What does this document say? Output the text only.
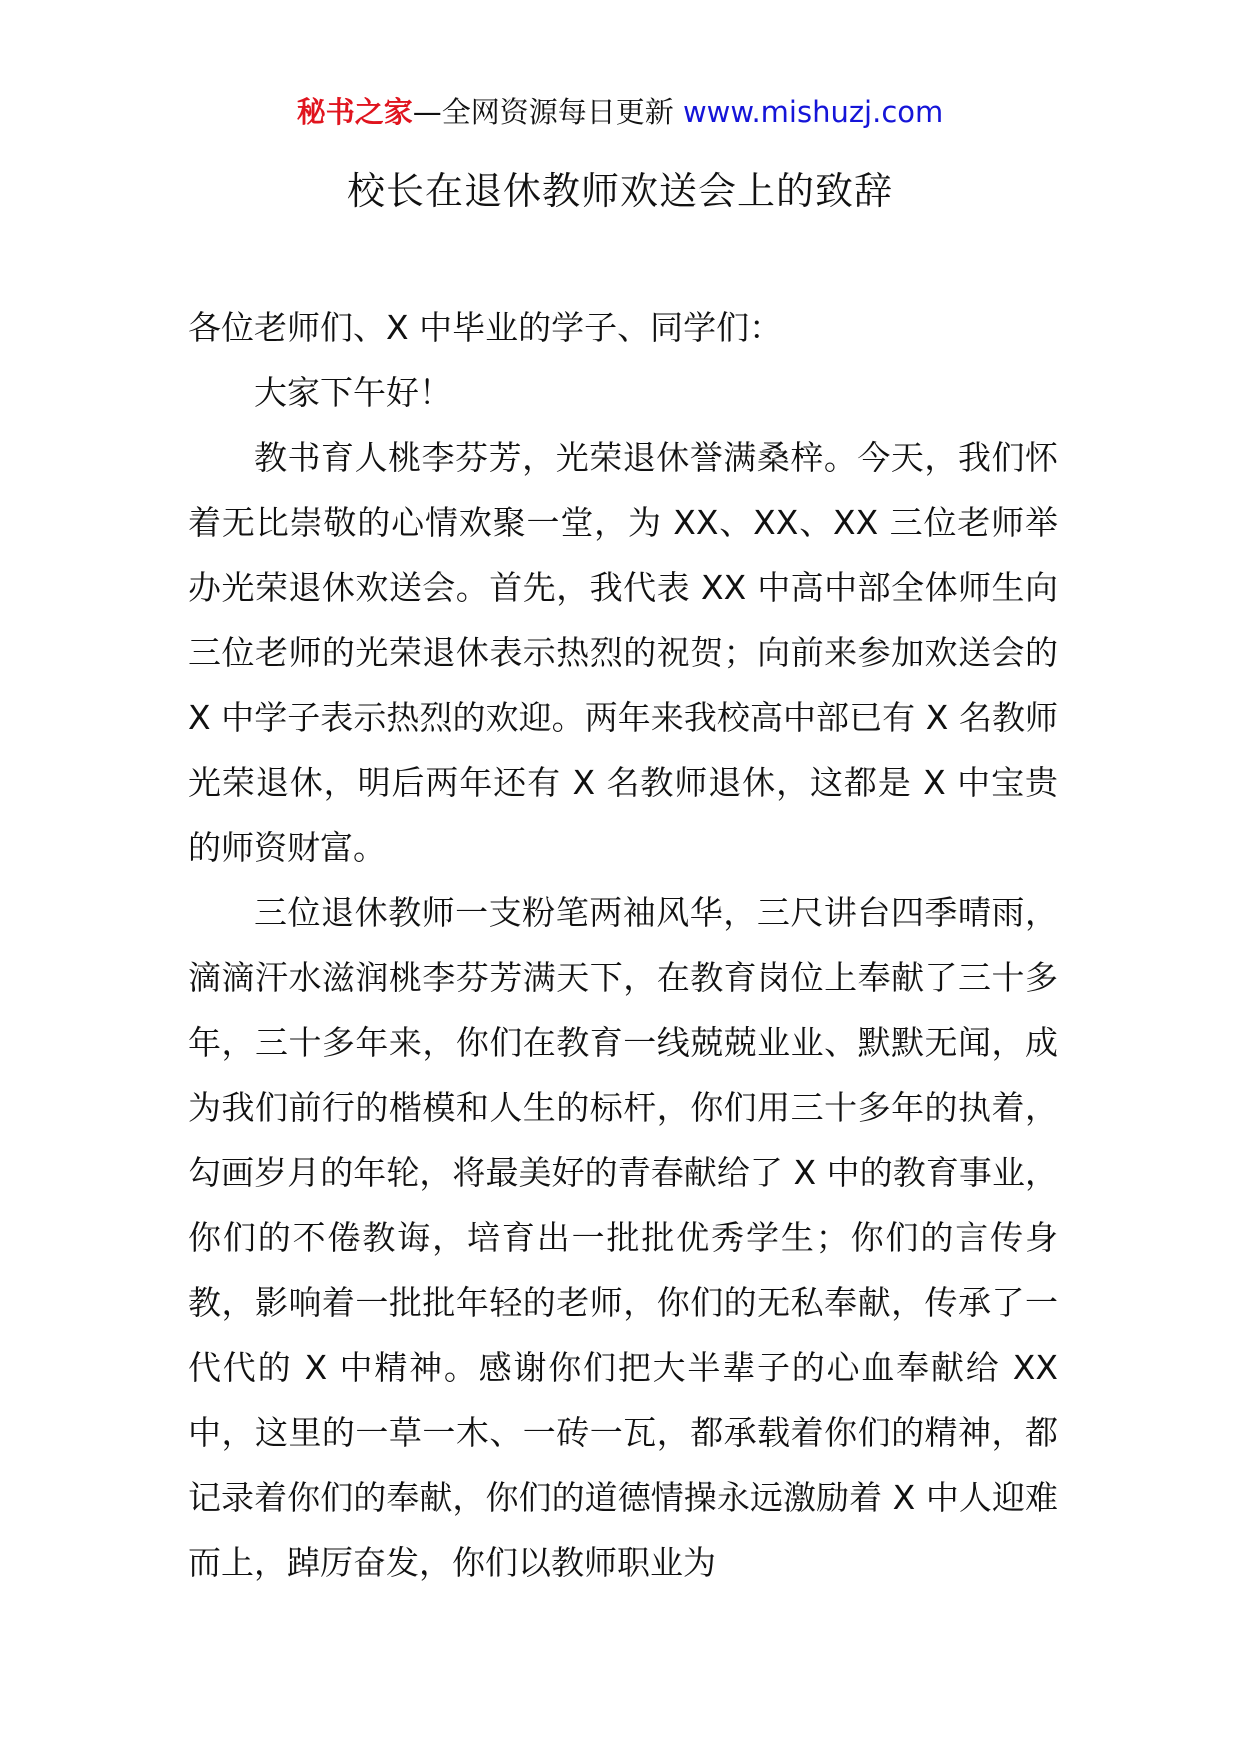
秘书之家—全网资源每日更新 www.mishuzj.com
校长在退休教师欢送会上的致辞

各位老师们、X 中毕业的学子、同学们：

大家下午好！

教书育人桃李芬芳，光荣退休誉满桑梓。今天，我们怀着无比崇敬的心情欢聚一堂，为 XX、XX、XX 三位老师举办光荣退休欢送会。首先，我代表 XX 中高中部全体师生向三位老师的光荣退休表示热烈的祝贺；向前来参加欢送会的 X 中学子表示热烈的欢迎。两年来我校高中部已有 X 名教师光荣退休，明后两年还有 X 名教师退休，这都是 X 中宝贵的师资财富。

三位退休教师一支粉笔两袖风华，三尺讲台四季晴雨，滴滴汗水滋润桃李芬芳满天下，在教育岗位上奉献了三十多年，三十多年来，你们在教育一线兢兢业业、默默无闻，成为我们前行的楷模和人生的标杆，你们用三十多年的执着，勾画岁月的年轮，将最美好的青春献给了 X 中的教育事业，你们的不倦教诲，培育出一批批优秀学生；你们的言传身教，影响着一批批年轻的老师，你们的无私奉献，传承了一代代的 X 中精神。感谢你们把大半辈子的心血奉献给 XX 中，这里的一草一木、一砖一瓦，都承载着你们的精神，都记录着你们的奉献，你们的道德情操永远激励着 X 中人迎难而上，踔厉奋发，你们以教师职业为
